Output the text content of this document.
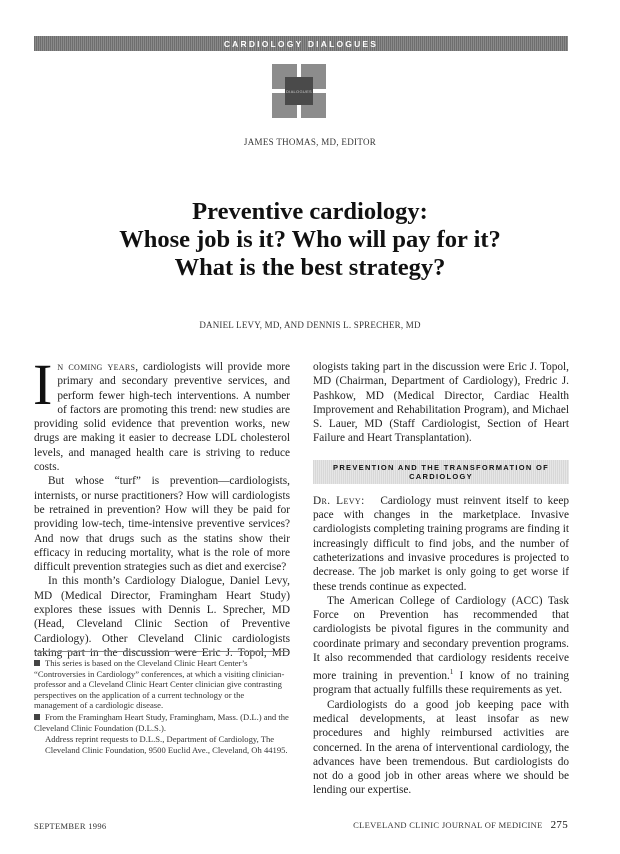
CARDIOLOGY DIALOGUES
DIALOGUES
JAMES THOMAS, MD, EDITOR
Preventive cardiology:
Whose job is it? Who will pay for it?
What is the best strategy?
DANIEL LEVY, MD, AND DENNIS L. SPRECHER, MD

In coming years, cardiologists will provide more primary and secondary preventive services, and perform fewer high-tech interventions. A number of factors are promoting this trend: new studies are providing solid evidence that prevention works, new drugs are making it easier to decrease LDL cholesterol levels, and managed health care is striving to reduce costs.

But whose “turf” is prevention—cardiologists, internists, or nurse practitioners? How will cardiologists be retrained in prevention? How will they be paid for providing low-tech, time-intensive preventive services? And now that drugs such as the statins show their efficacy in reducing mortality, what is the role of more difficult prevention strategies such as diet and exercise?

In this month’s Cardiology Dialogue, Daniel Levy, MD (Medical Director, Framingham Heart Study) explores these issues with Dennis L. Sprecher, MD (Head, Cleveland Clinic Section of Preventive Cardiology). Other Cleveland Clinic cardiologists taking part in the discussion were Eric J. Topol, MD

ologists taking part in the discussion were Eric J. Topol, MD (Chairman, Department of Cardiology), Fredric J. Pashkow, MD (Medical Director, Cardiac Health Improvement and Rehabilitation Program), and Michael S. Lauer, MD (Staff Cardiologist, Section of Heart Failure and Heart Transplantation).

PREVENTION AND THE TRANSFORMATION OF CARDIOLOGY

Dr. Levy: Cardiology must reinvent itself to keep pace with changes in the marketplace. Invasive cardiologists completing training programs are finding it increasingly difficult to find jobs, and the number of catheterizations and invasive procedures is projected to decrease. The job market is only going to get worse if these trends continue as expected.

The American College of Cardiology (ACC) Task Force on Prevention has recommended that cardiologists be pivotal figures in the community and coordinate primary and secondary prevention programs. It also recommended that cardiology residents receive more training in prevention.$^1$ I know of no training program that actually fulfills these requirements as yet.

Cardiologists do a good job keeping pace with medical developments, at least insofar as new procedures and highly reimbursed activities are concerned. In the arena of interventional cardiology, the advances have been tremendous. But cardiologists do not do a good job in other areas where we should be lending our expertise.

This series is based on the Cleveland Clinic Heart Center’s “Controversies in Cardiology” conferences, at which a visiting clinician-professor and a Cleveland Clinic Heart Center clinician give contrasting perspectives on the application of a current technology or the management of a cardiologic disease.

From the Framingham Heart Study, Framingham, Mass. (D.L.) and the Cleveland Clinic Foundation (D.L.S.).

Address reprint requests to D.L.S., Department of Cardiology, The Cleveland Clinic Foundation, 9500 Euclid Ave., Cleveland, Oh 44195.

SEPTEMBER 1996	CLEVELAND CLINIC JOURNAL OF MEDICINE 275
